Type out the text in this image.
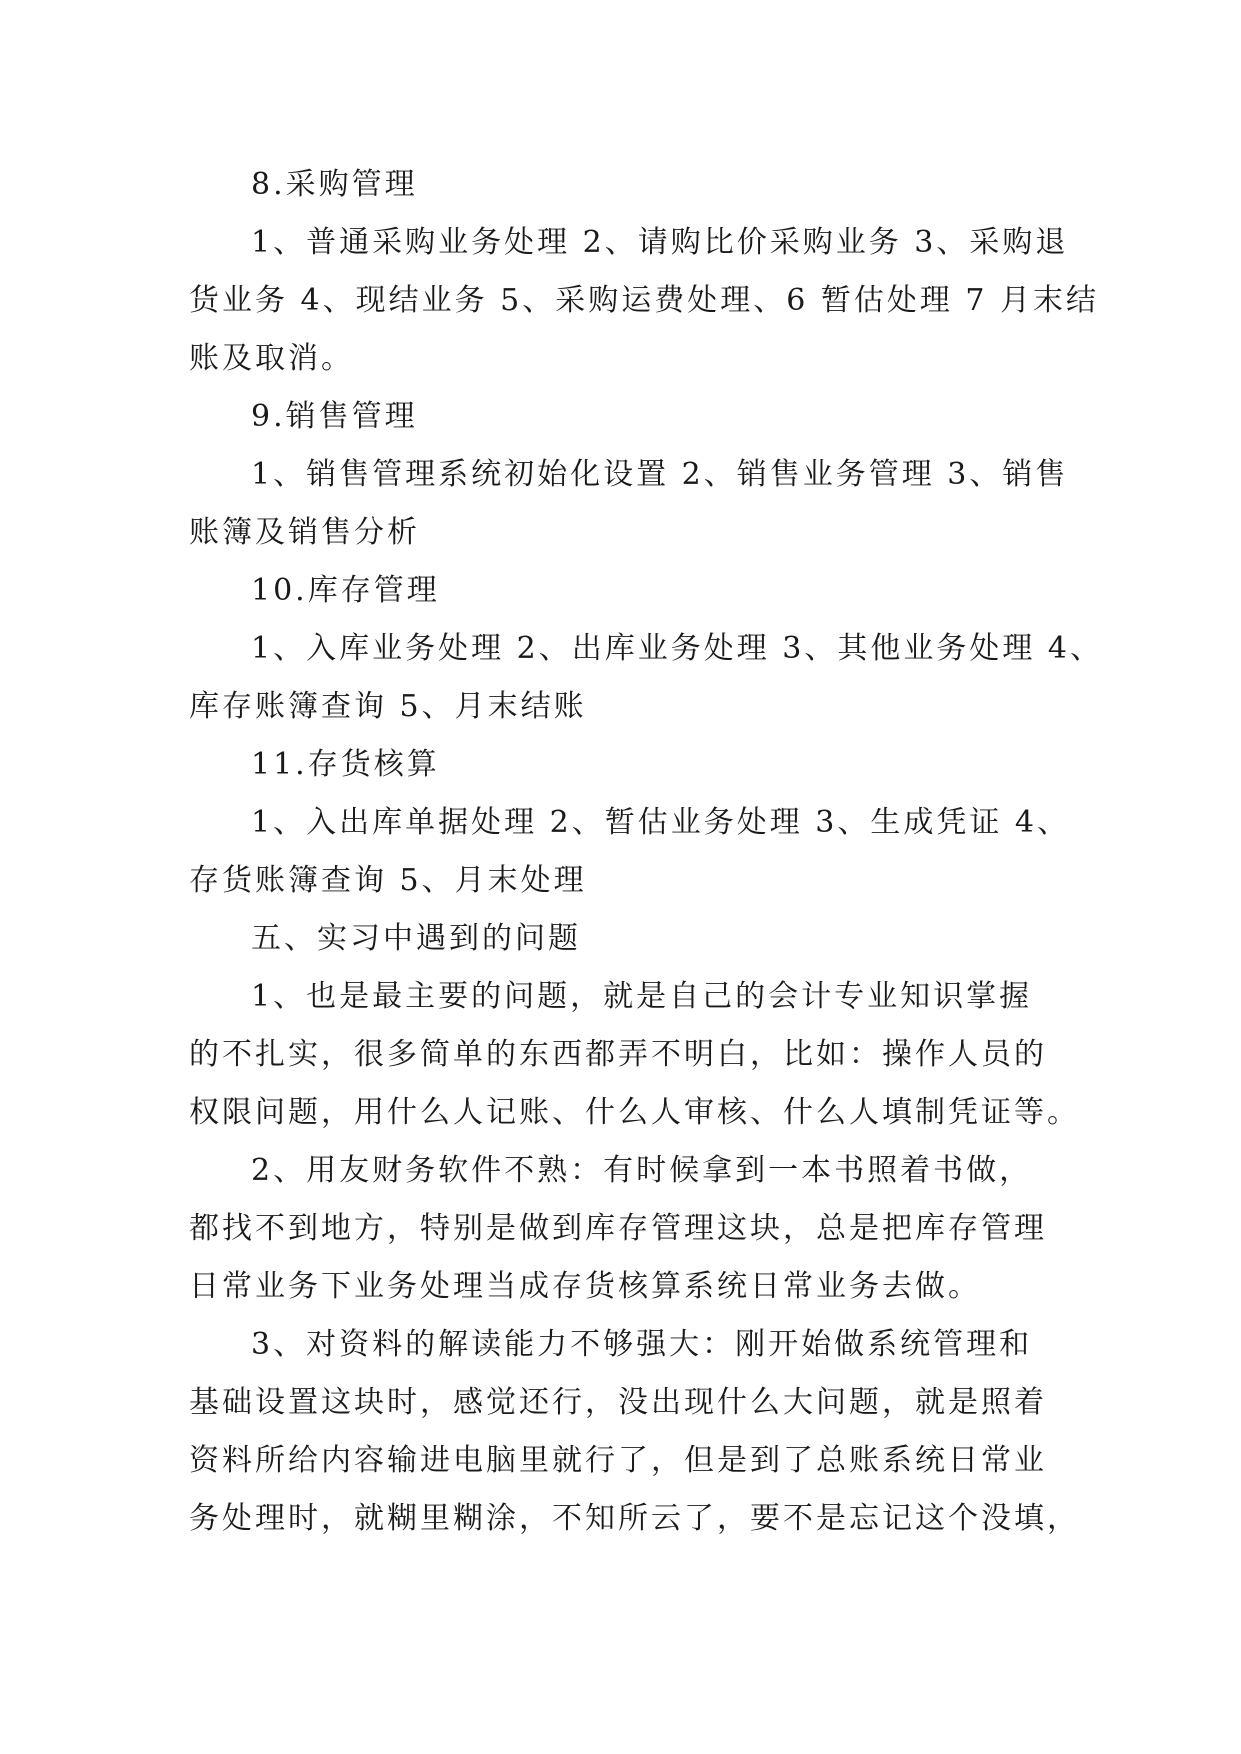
8.采购管理
1、普通采购业务处理 2、请购比价采购业务 3、采购退
货业务 4、现结业务 5、采购运费处理、6 暂估处理 7 月末结
账及取消。
9.销售管理
1、销售管理系统初始化设置 2、销售业务管理 3、销售
账簿及销售分析
10.库存管理
1、入库业务处理 2、出库业务处理 3、其他业务处理 4、
库存账簿查询 5、月末结账
11.存货核算
1、入出库单据处理 2、暂估业务处理 3、生成凭证 4、
存货账簿查询 5、月末处理
五、实习中遇到的问题
1、也是最主要的问题，就是自己的会计专业知识掌握
的不扎实，很多简单的东西都弄不明白，比如：操作人员的
权限问题，用什么人记账、什么人审核、什么人填制凭证等。
2、用友财务软件不熟：有时候拿到一本书照着书做，
都找不到地方，特别是做到库存管理这块，总是把库存管理
日常业务下业务处理当成存货核算系统日常业务去做。
3、对资料的解读能力不够强大：刚开始做系统管理和
基础设置这块时，感觉还行，没出现什么大问题，就是照着
资料所给内容输进电脑里就行了，但是到了总账系统日常业
务处理时，就糊里糊涂，不知所云了，要不是忘记这个没填，
